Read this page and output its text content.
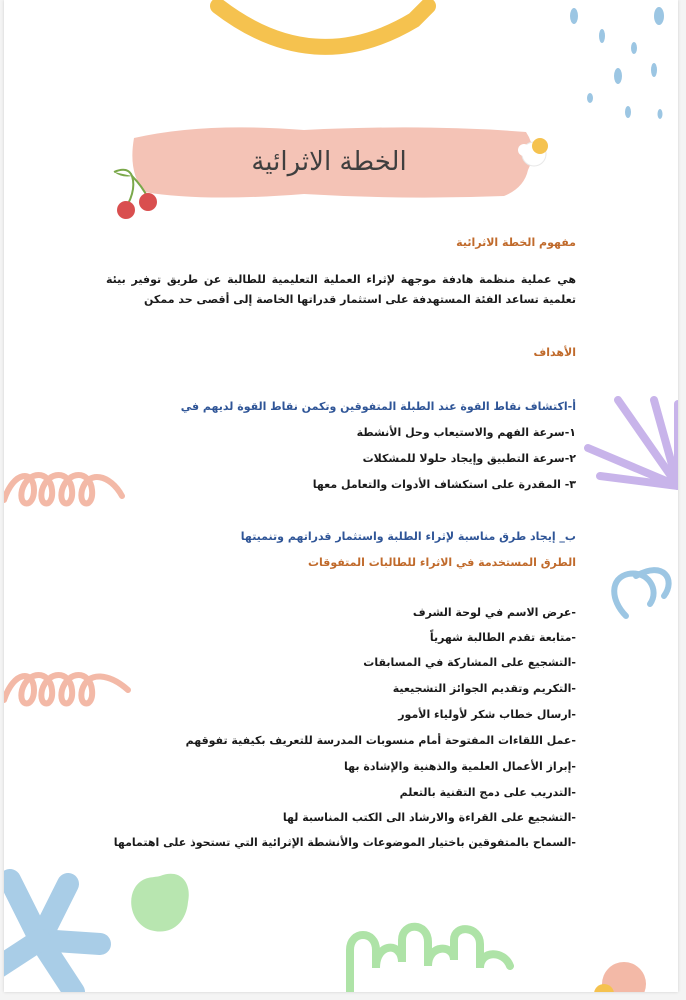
الخطة الاثرائية
مفهوم الخطة الاثرائية
هي عملية منظمة هادفة موجهة لإثراء العملية التعليمية للطالبة عن طريق توفير بيئة تعلمية تساعد الفئة المستهدفة على استثمار قدراتها الخاصة إلى أقصى حد ممكن
الأهداف
أ-اكتشاف نقاط القوة عند الطبلة المتفوقين وتكمن نقاط القوة لديهم في
١-سرعة الفهم والاستيعاب وحل الأنشطة
٢-سرعة التطبيق وإيجاد حلولا للمشكلات
٣- المقدرة على استكشاف الأدوات والتعامل معها
ب_ إيجاد طرق مناسبة لإثراء الطلبة واستثمار قدراتهم وتنميتها
الطرق المستخدمة في الاثراء للطالبات المتفوقات
-عرض الاسم في لوحة الشرف
-متابعة تقدم الطالبة شهرياً
-التشجيع على المشاركة في المسابقات
-التكريم وتقديم الجوائز التشجيعية
-ارسال خطاب شكر لأولياء الأمور
-عمل اللقاءات المفتوحة أمام منسوبات المدرسة للتعريف بكيفية تفوقهم
-إبراز الأعمال العلمية والذهنية والإشادة بها
-التدريب على دمج التقنية بالتعلم
-التشجيع على القراءة والارشاد الى الكتب المناسبة لها
-السماح بالمتفوقين باختيار الموضوعات والأنشطة الإثرائية التي تستحوذ على اهتمامها
